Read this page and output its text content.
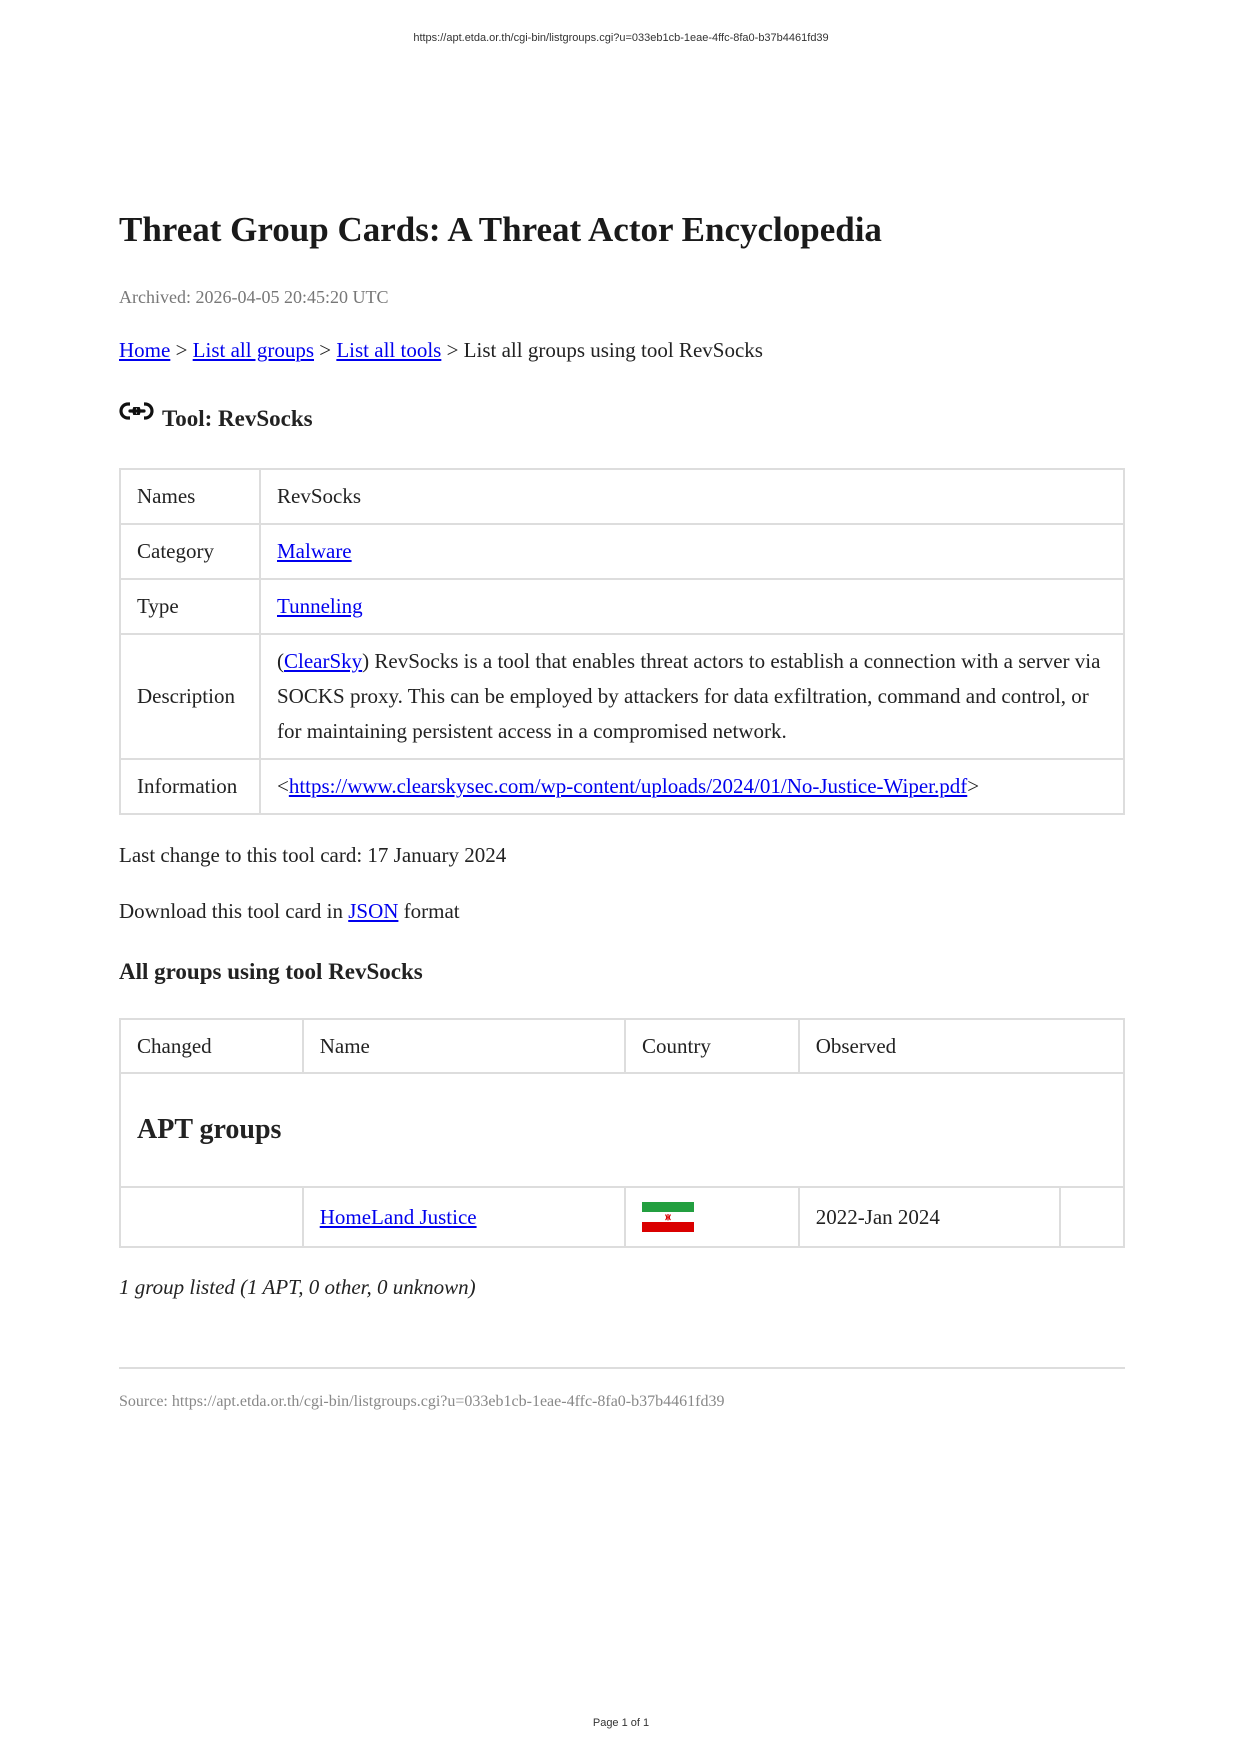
https://apt.etda.or.th/cgi-bin/listgroups.cgi?u=033eb1cb-1eae-4ffc-8fa0-b37b4461fd39
Threat Group Cards: A Threat Actor Encyclopedia
Archived: 2026-04-05 20:45:20 UTC
Home > List all groups > List all tools > List all groups using tool RevSocks
Tool: RevSocks
Names	RevSocks
Category	Malware
Type	Tunneling
Description	(ClearSky) RevSocks is a tool that enables threat actors to establish a connection with a server via SOCKS proxy. This can be employed by attackers for data exfiltration, command and control, or for maintaining persistent access in a compromised network.
Information	<https://www.clearskysec.com/wp-content/uploads/2024/01/No-Justice-Wiper.pdf>
Last change to this tool card: 17 January 2024
Download this tool card in JSON format
All groups using tool RevSocks
Changed	Name	Country	Observed	
APT groups				
	HomeLand Justice		2022-Jan 2024	
1 group listed (1 APT, 0 other, 0 unknown)
Source: https://apt.etda.or.th/cgi-bin/listgroups.cgi?u=033eb1cb-1eae-4ffc-8fa0-b37b4461fd39
Page 1 of 1
